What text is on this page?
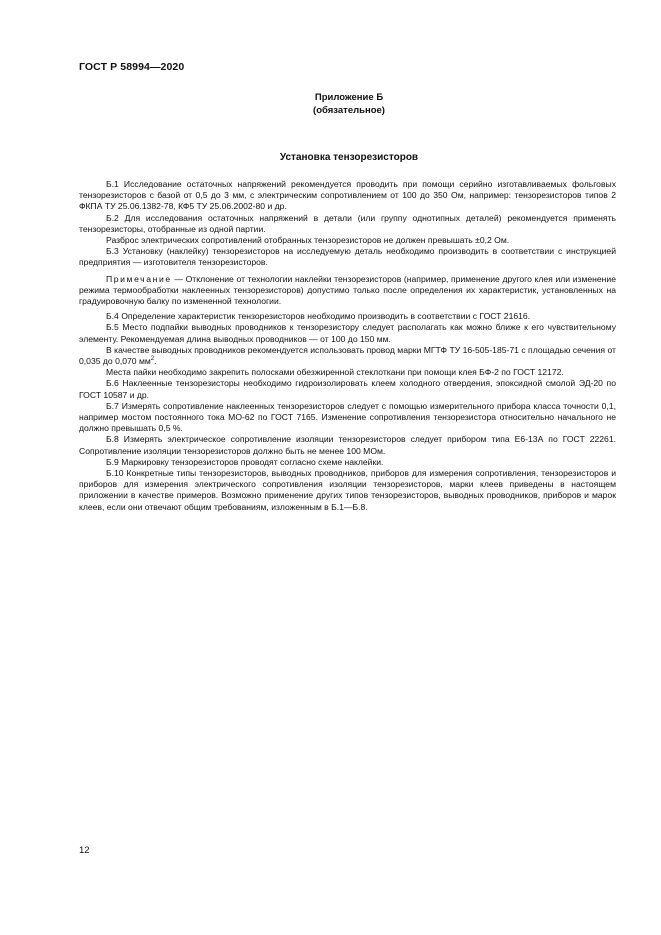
ГОСТ Р 58994—2020
Приложение Б
(обязательное)
Установка тензорезисторов

Б.1 Исследование остаточных напряжений рекомендуется проводить при помощи серийно изготавливаемых фольговых тензорезисторов с базой от 0,5 до 3 мм, с электрическим сопротивлением от 100 до 350 Ом, например: тензорезисторов типов 2 ФКПА ТУ 25.06.1382-78, КФ5 ТУ 25.06.2002-80 и др.

Б.2 Для исследования остаточных напряжений в детали (или группу однотипных деталей) рекомендуется применять тензорезисторы, отобранные из одной партии.

Разброс электрических сопротивлений отобранных тензорезисторов не должен превышать ±0,2 Ом.

Б.3 Установку (наклейку) тензорезисторов на исследуемую деталь необходимо производить в соответствии с инструкцией предприятия — изготовителя тензорезисторов.

Примечание — Отклонение от технологии наклейки тензорезисторов (например, применение другого клея или изменение режима термообработки наклеенных тензорезисторов) допустимо только после определения их характеристик, установленных на градуировочную балку по измененной технологии.

Б.4 Определение характеристик тензорезисторов необходимо производить в соответствии с ГОСТ 21616.

Б.5 Место подпайки выводных проводников к тензорезистору следует располагать как можно ближе к его чувствительному элементу. Рекомендуемая длина выводных проводников — от 100 до 150 мм.

В качестве выводных проводников рекомендуется использовать провод марки МГТФ ТУ 16-505-185-71 с площадью сечения от 0,035 до 0,070 $мм^2$.

Места пайки необходимо закрепить полосками обезжиренной стеклоткани при помощи клея БФ-2 по ГОСТ 12172.

Б.6 Наклеенные тензорезисторы необходимо гидроизолировать клеем холодного отвердения, эпоксидной смолой ЭД-20 по ГОСТ 10587 и др.

Б.7 Измерять сопротивление наклеенных тензорезисторов следует с помощью измерительного прибора класса точности 0,1, например мостом постоянного тока МО-62 по ГОСТ 7165. Изменение сопротивления тензорезистора относительно начального не должно превышать 0,5 %.

Б.8 Измерять электрическое сопротивление изоляции тензорезисторов следует прибором типа Е6-13А по ГОСТ 22261. Сопротивление изоляции тензорезисторов должно быть не менее 100 МОм.

Б.9 Маркировку тензорезисторов проводят согласно схеме наклейки.

Б.10 Конкретные типы тензорезисторов, выводных проводников, приборов для измерения сопротивления, тензорезисторов и приборов для измерения электрического сопротивления изоляции тензорезисторов, марки клеев приведены в настоящем приложении в качестве примеров. Возможно применение других типов тензорезисторов, выводных проводников, приборов и марок клеев, если они отвечают общим требованиям, изложенным в Б.1—Б.8.

12
